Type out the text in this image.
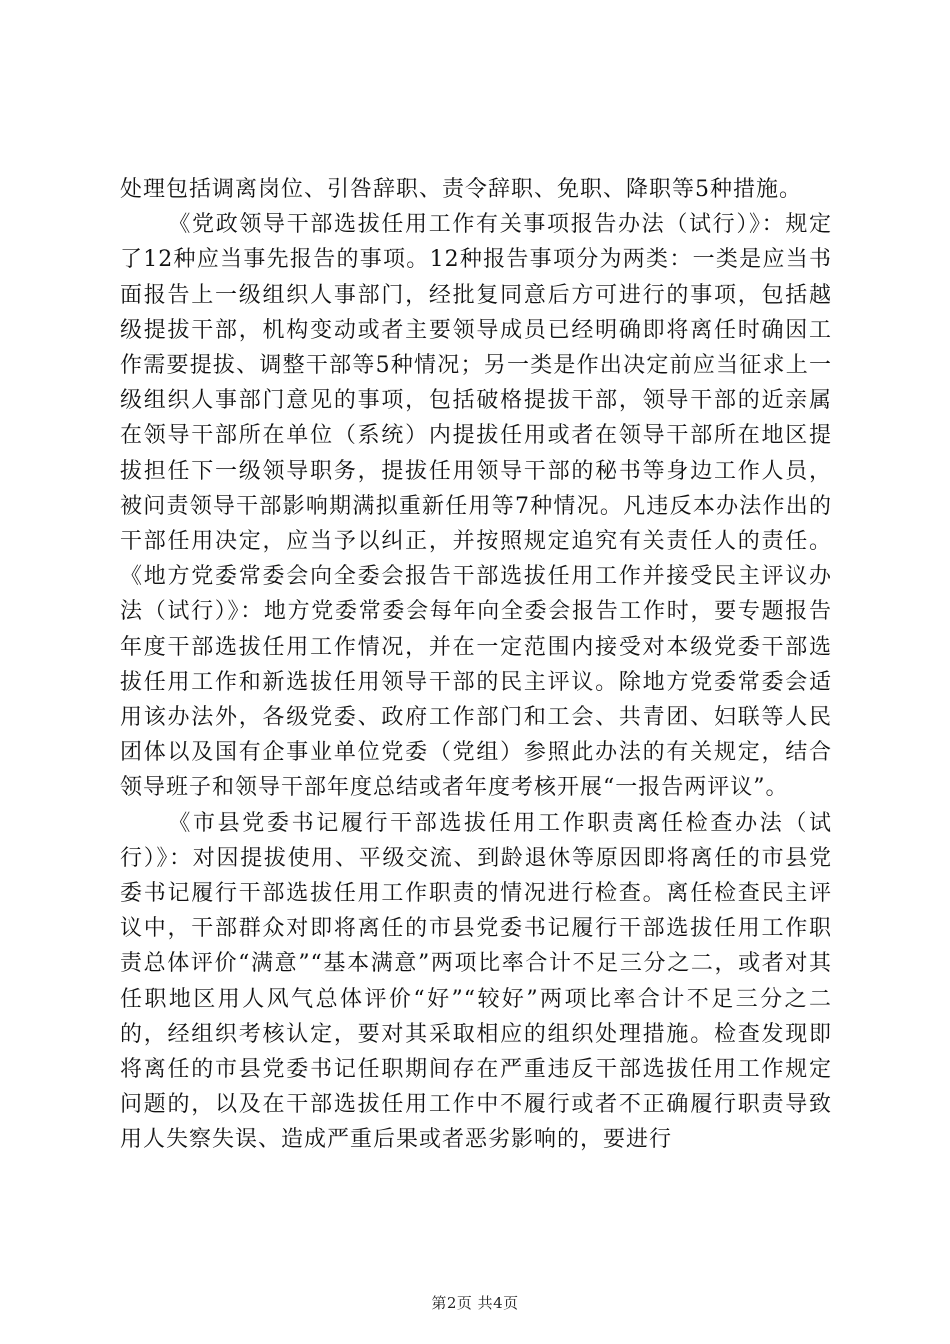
处理包括调离岗位、引咎辞职、责令辞职、免职、降职等5种措施。

《党政领导干部选拔任用工作有关事项报告办法（试行）》：规定了12种应当事先报告的事项。12种报告事项分为两类：一类是应当书面报告上一级组织人事部门，经批复同意后方可进行的事项，包括越级提拔干部，机构变动或者主要领导成员已经明确即将离任时确因工作需要提拔、调整干部等5种情况；另一类是作出决定前应当征求上一级组织人事部门意见的事项，包括破格提拔干部，领导干部的近亲属在领导干部所在单位（系统）内提拔任用或者在领导干部所在地区提拔担任下一级领导职务，提拔任用领导干部的秘书等身边工作人员，被问责领导干部影响期满拟重新任用等7种情况。凡违反本办法作出的干部任用决定，应当予以纠正，并按照规定追究有关责任人的责任。《地方党委常委会向全委会报告干部选拔任用工作并接受民主评议办法（试行）》：地方党委常委会每年向全委会报告工作时，要专题报告年度干部选拔任用工作情况，并在一定范围内接受对本级党委干部选拔任用工作和新选拔任用领导干部的民主评议。除地方党委常委会适用该办法外，各级党委、政府工作部门和工会、共青团、妇联等人民团体以及国有企事业单位党委（党组）参照此办法的有关规定，结合领导班子和领导干部年度总结或者年度考核开展“一报告两评议”。

《市县党委书记履行干部选拔任用工作职责离任检查办法（试行）》：对因提拔使用、平级交流、到龄退休等原因即将离任的市县党委书记履行干部选拔任用工作职责的情况进行检查。离任检查民主评议中，干部群众对即将离任的市县党委书记履行干部选拔任用工作职责总体评价“满意”“基本满意”两项比率合计不足三分之二，或者对其任职地区用人风气总体评价“好”“较好”两项比率合计不足三分之二的，经组织考核认定，要对其采取相应的组织处理措施。检查发现即将离任的市县党委书记任职期间存在严重违反干部选拔任用工作规定问题的，以及在干部选拔任用工作中不履行或者不正确履行职责导致用人失察失误、造成严重后果或者恶劣影响的，要进行

第2页 共4页
